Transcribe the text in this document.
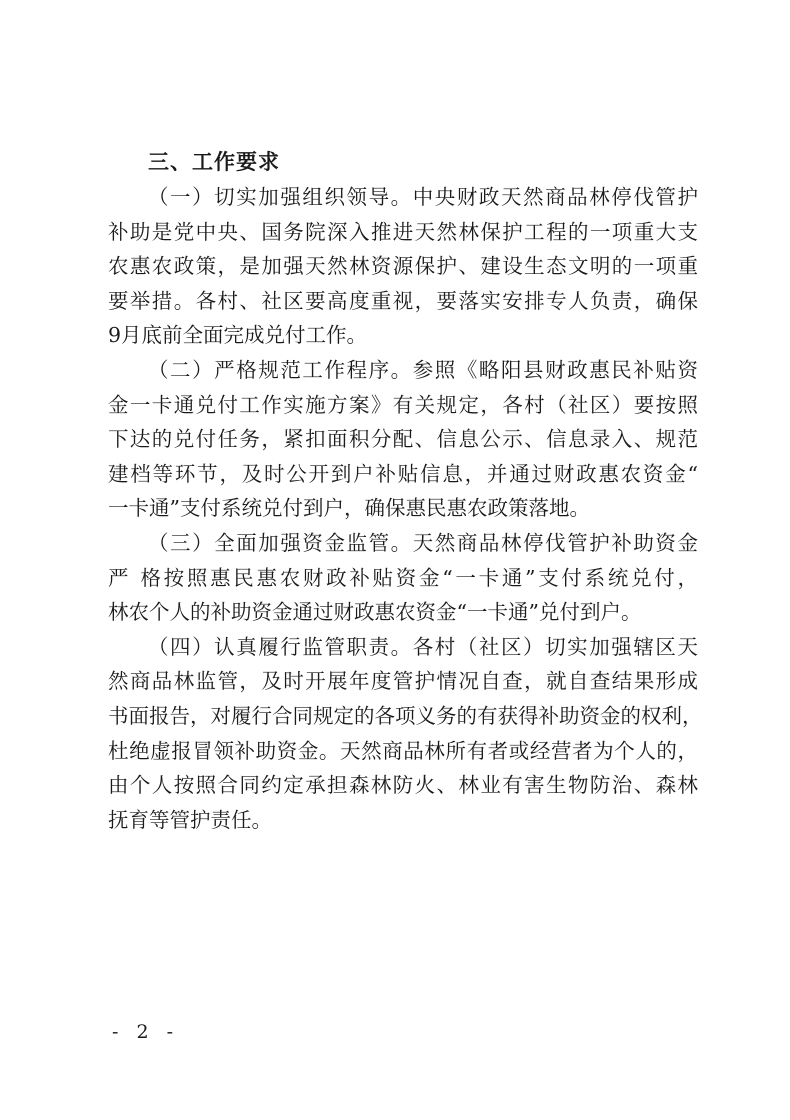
三、工作要求
（一）切实加强组织领导。中央财政天然商品林停伐管护
补助是党中央、国务院深入推进天然林保护工程的一项重大支
农惠农政策，是加强天然林资源保护、建设生态文明的一项重
要举措。各村、社区要高度重视，要落实安排专人负责，确保
9月底前全面完成兑付工作。
（二）严格规范工作程序。参照《略阳县财政惠民补贴资
金一卡通兑付工作实施方案》有关规定，各村（社区）要按照
下达的兑付任务，紧扣面积分配、信息公示、信息录入、规范
建档等环节，及时公开到户补贴信息，并通过财政惠农资金“
一卡通”支付系统兑付到户，确保惠民惠农政策落地。
（三）全面加强资金监管。天然商品林停伐管护补助资金
严 格按照惠民惠农财政补贴资金“一卡通”支付系统兑付，
林农个人的补助资金通过财政惠农资金“一卡通”兑付到户。
（四）认真履行监管职责。各村（社区）切实加强辖区天
然商品林监管，及时开展年度管护情况自查，就自查结果形成
书面报告，对履行合同规定的各项义务的有获得补助资金的权利，
杜绝虚报冒领补助资金。天然商品林所有者或经营者为个人的，
由个人按照合同约定承担森林防火、林业有害生物防治、森林
抚育等管护责任。
- 2 -
